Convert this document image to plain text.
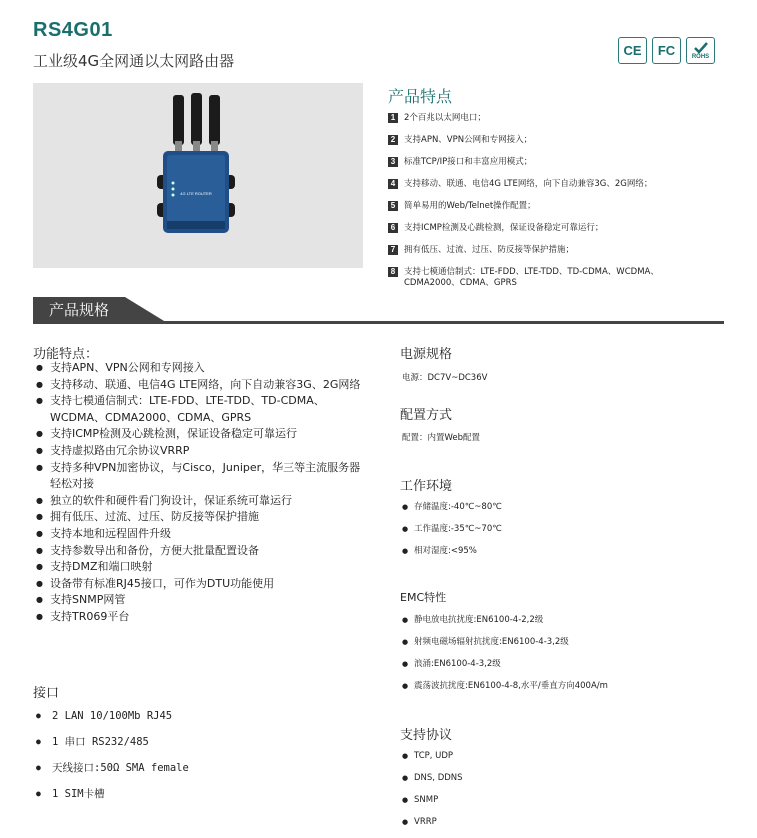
RS4G01
工业级4G全网通以太网路由器
CE	FC	ROHS
4G LTE ROUTER
产品特点
1	2个百兆以太网电口；
2	支持APN、VPN公网和专网接入；
3	标准TCP/IP接口和丰富应用模式；
4	支持移动、联通、电信4G LTE网络，向下自动兼容3G、2G网络；
5	简单易用的Web/Telnet操作配置；
6	支持ICMP检测及心跳检测，保证设备稳定可靠运行；
7	拥有低压、过流、过压、防反接等保护措施；
8	支持七模通信制式：LTE-FDD、LTE-TDD、TD-CDMA、WCDMA、CDMA2000、CDMA、GPRS
产品规格
功能特点：
● 支持APN、VPN公网和专网接入
● 支持移动、联通、电信4G LTE网络，向下自动兼容3G、2G网络
● 支持七模通信制式：LTE-FDD、LTE-TDD、TD-CDMA、WCDMA、CDMA2000、CDMA、GPRS
● 支持ICMP检测及心跳检测，保证设备稳定可靠运行
● 支持虚拟路由冗余协议VRRP
● 支持多种VPN加密协议，与Cisco，Juniper，华三等主流服务器轻松对接
● 独立的软件和硬件看门狗设计，保证系统可靠运行
● 拥有低压、过流、过压、防反接等保护措施
● 支持本地和远程固件升级
● 支持参数导出和备份，方便大批量配置设备
● 支持DMZ和端口映射
● 设备带有标准RJ45接口，可作为DTU功能使用
● 支持SNMP网管
● 支持TR069平台
接口
● 2 LAN 10/100Mb RJ45
● 1 串口 RS232/485
● 天线接口:50Ω SMA female
● 1 SIM卡槽
电源规格
电源：DC7V~DC36V
配置方式
配置：内置Web配置
工作环境
● 存储温度:-40℃~80℃
● 工作温度:-35℃~70℃
● 相对湿度:<95%
EMC特性
● 静电放电抗扰度:EN6100-4-2,2级
● 射频电磁场辐射抗扰度:EN6100-4-3,2级
● 浪涌:EN6100-4-3,2级
● 震荡波抗扰度:EN6100-4-8,水平/垂直方向400A/m
支持协议
● TCP, UDP
● DNS, DDNS
● SNMP
● VRRP
